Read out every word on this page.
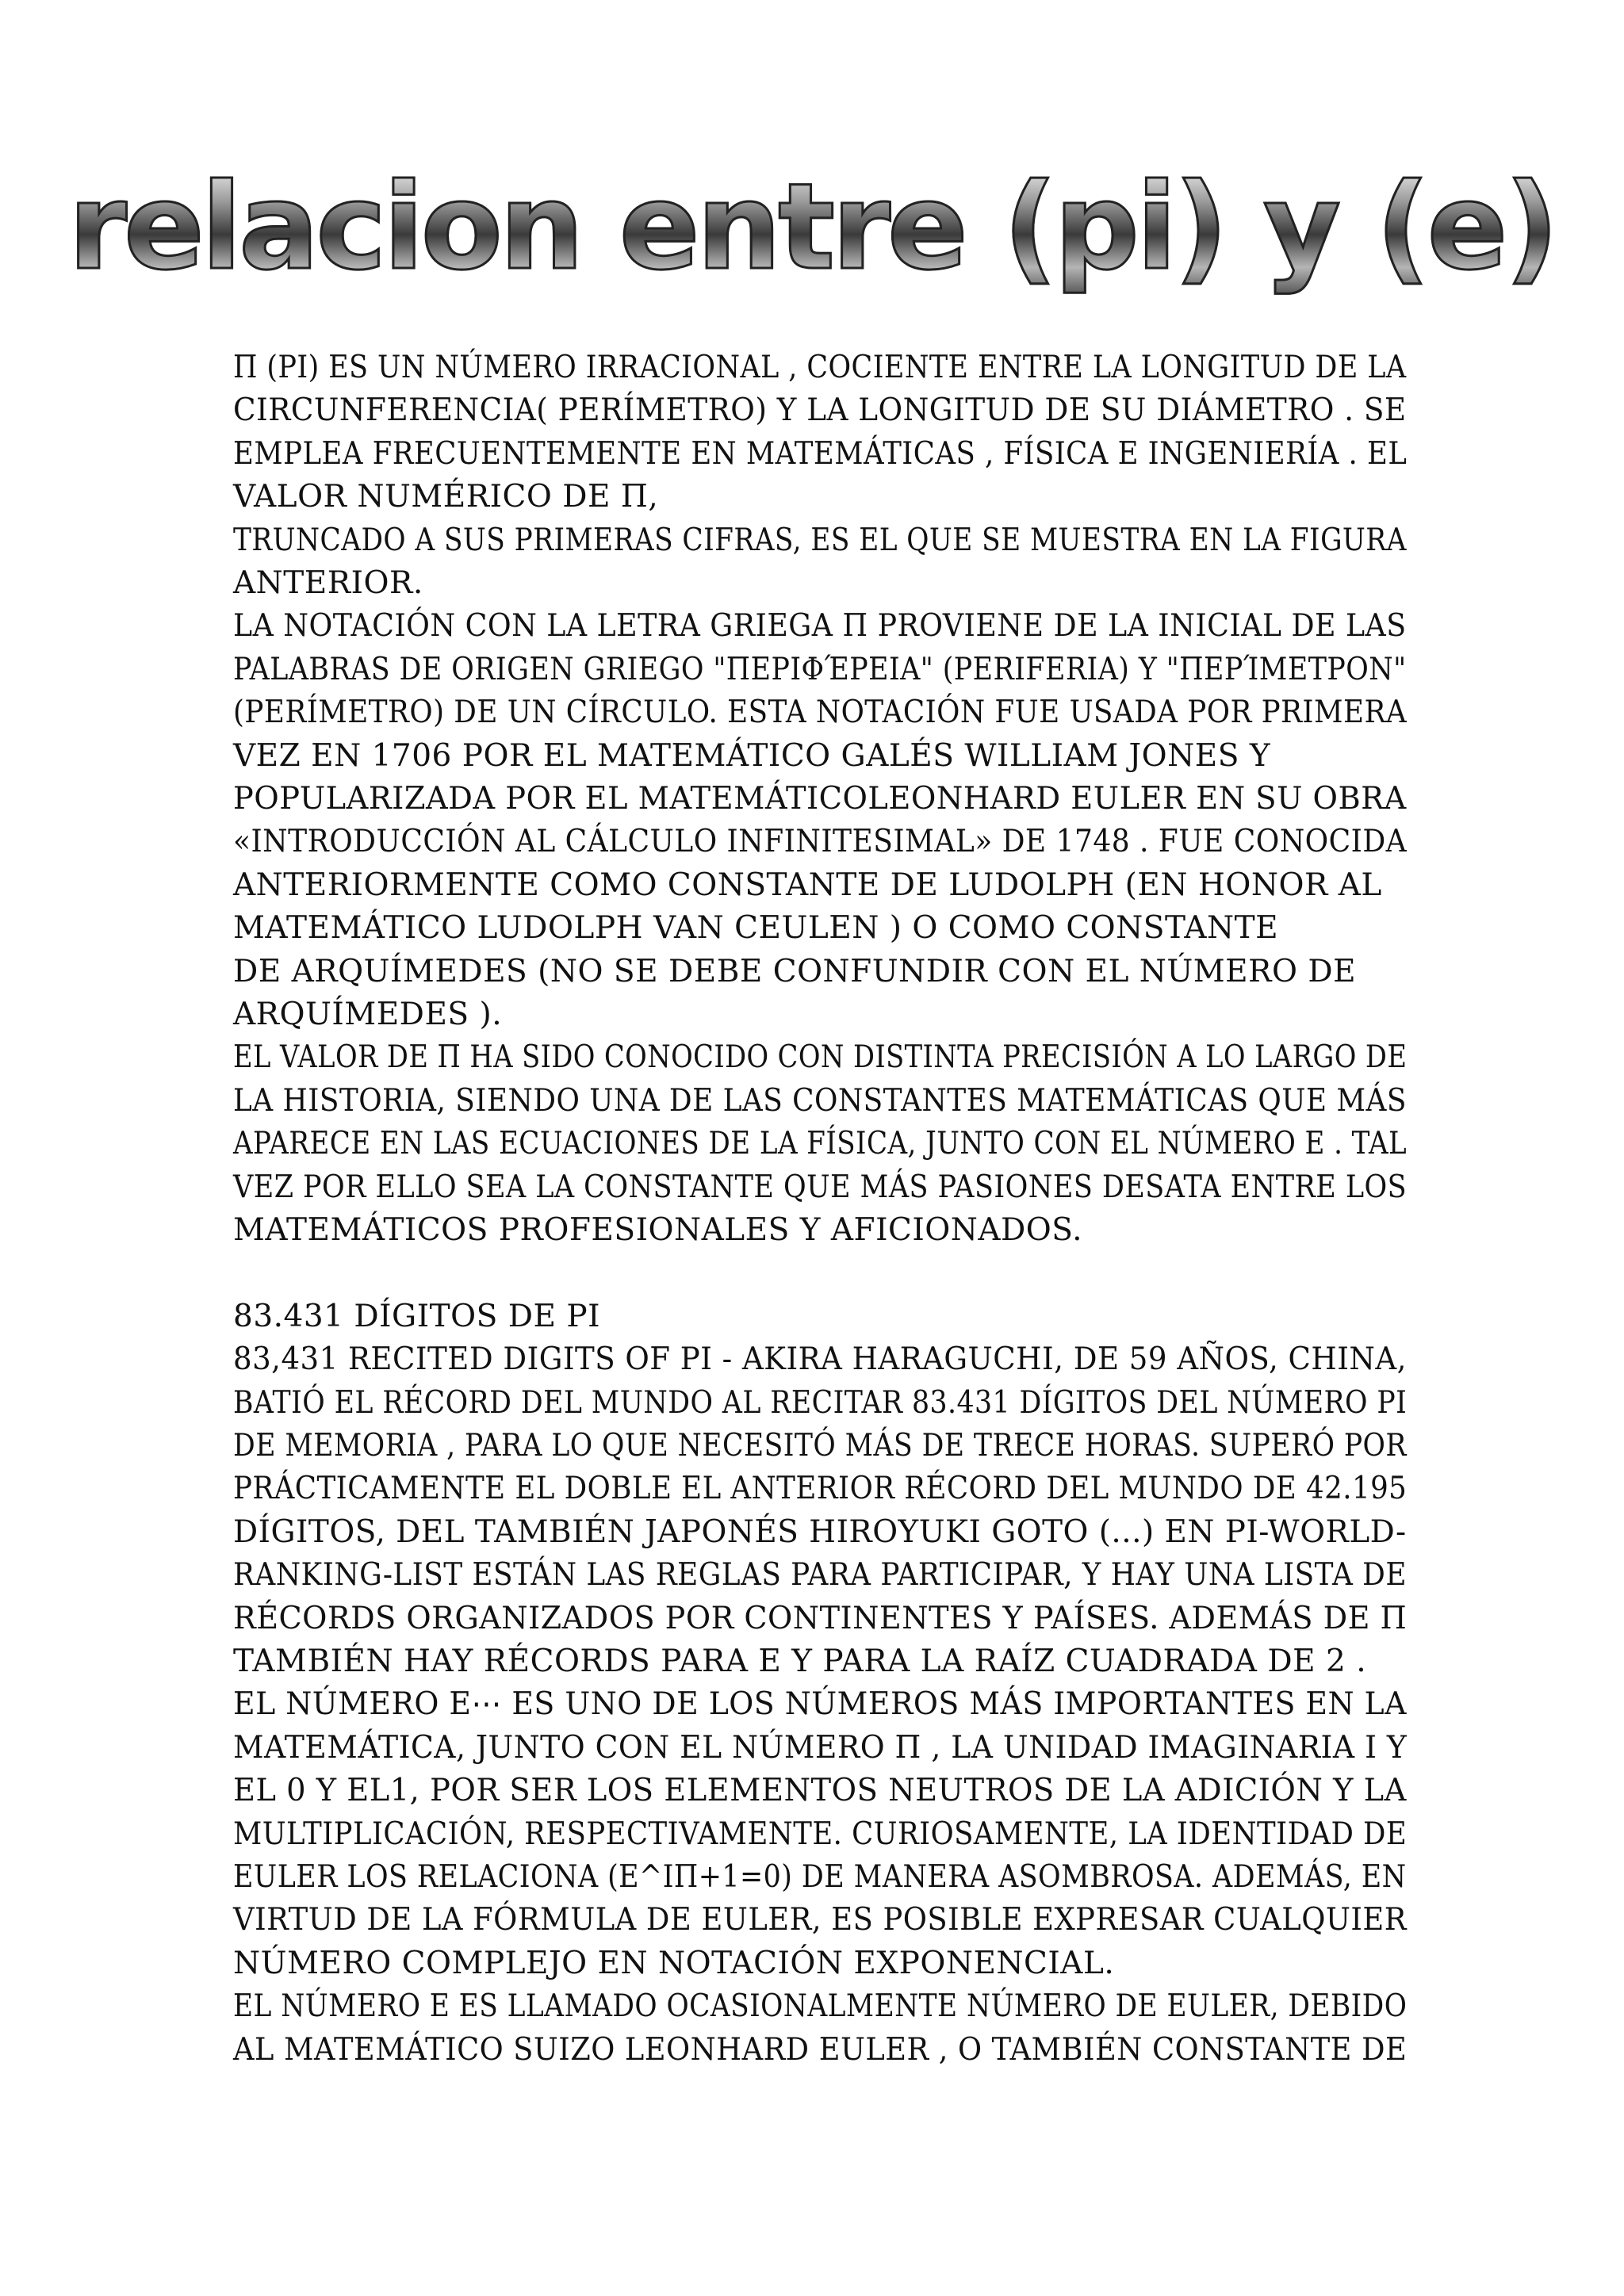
relacion entre (pi) y (e)
Π (PI) ES UN NÚMERO IRRACIONAL , COCIENTE ENTRE LA LONGITUD DE LACIRCUNFERENCIA( PERÍMETRO) Y LA LONGITUD DE SU DIÁMETRO . SEEMPLEA FRECUENTEMENTE EN MATEMÁTICAS , FÍSICA E INGENIERÍA . EL
VALOR NUMÉRICO DE Π,
TRUNCADO A SUS PRIMERAS CIFRAS, ES EL QUE SE MUESTRA EN LA FIGURA
ANTERIOR.
LA NOTACIÓN CON LA LETRA GRIEGA Π PROVIENE DE LA INICIAL DE LASPALABRAS DE ORIGEN GRIEGO "ΠΕΡΙΦΈΡΕΙΑ" (PERIFERIA) Y "ΠΕΡΊΜΕΤΡΟΝ"(PERÍMETRO) DE UN CÍRCULO. ESTA NOTACIÓN FUE USADA POR PRIMERA
VEZ EN 1706 POR EL MATEMÁTICO GALÉS WILLIAM JONES Y
POPULARIZADA POR EL MATEMÁTICOLEONHARD EULER EN SU OBRA«INTRODUCCIÓN AL CÁLCULO INFINITESIMAL» DE 1748 . FUE CONOCIDA
ANTERIORMENTE COMO CONSTANTE DE LUDOLPH (EN HONOR AL
MATEMÁTICO LUDOLPH VAN CEULEN ) O COMO CONSTANTE
DE ARQUÍMEDES (NO SE DEBE CONFUNDIR CON EL NÚMERO DE
ARQUÍMEDES ).
EL VALOR DE Π HA SIDO CONOCIDO CON DISTINTA PRECISIÓN A LO LARGO DELA HISTORIA, SIENDO UNA DE LAS CONSTANTES MATEMÁTICAS QUE MÁSAPARECE EN LAS ECUACIONES DE LA FÍSICA, JUNTO CON EL NÚMERO E . TALVEZ POR ELLO SEA LA CONSTANTE QUE MÁS PASIONES DESATA ENTRE LOS
MATEMÁTICOS PROFESIONALES Y AFICIONADOS.
83.431 DÍGITOS DE PI
83,431 RECITED DIGITS OF PI - AKIRA HARAGUCHI, DE 59 AÑOS, CHINA,BATIÓ EL RÉCORD DEL MUNDO AL RECITAR 83.431 DÍGITOS DEL NÚMERO PIDE MEMORIA , PARA LO QUE NECESITÓ MÁS DE TRECE HORAS. SUPERÓ PORPRÁCTICAMENTE EL DOBLE EL ANTERIOR RÉCORD DEL MUNDO DE 42.195DÍGITOS, DEL TAMBIÉN JAPONÉS HIROYUKI GOTO (...) EN PI-WORLD-RANKING-LIST ESTÁN LAS REGLAS PARA PARTICIPAR, Y HAY UNA LISTA DERÉCORDS ORGANIZADOS POR CONTINENTES Y PAÍSES. ADEMÁS DE Π
TAMBIÉN HAY RÉCORDS PARA E Y PARA LA RAÍZ CUADRADA DE 2 .
EL NÚMERO E⋯ ES UNO DE LOS NÚMEROS MÁS IMPORTANTES EN LAMATEMÁTICA, JUNTO CON EL NÚMERO Π , LA UNIDAD IMAGINARIA I YEL 0 Y EL1, POR SER LOS ELEMENTOS NEUTROS DE LA ADICIÓN Y LAMULTIPLICACIÓN, RESPECTIVAMENTE. CURIOSAMENTE, LA IDENTIDAD DEEULER LOS RELACIONA (E^IΠ+1=0) DE MANERA ASOMBROSA. ADEMÁS, ENVIRTUD DE LA FÓRMULA DE EULER, ES POSIBLE EXPRESAR CUALQUIER
NÚMERO COMPLEJO EN NOTACIÓN EXPONENCIAL.
EL NÚMERO E ES LLAMADO OCASIONALMENTE NÚMERO DE EULER, DEBIDOAL MATEMÁTICO SUIZO LEONHARD EULER , O TAMBIÉN CONSTANTE DE
